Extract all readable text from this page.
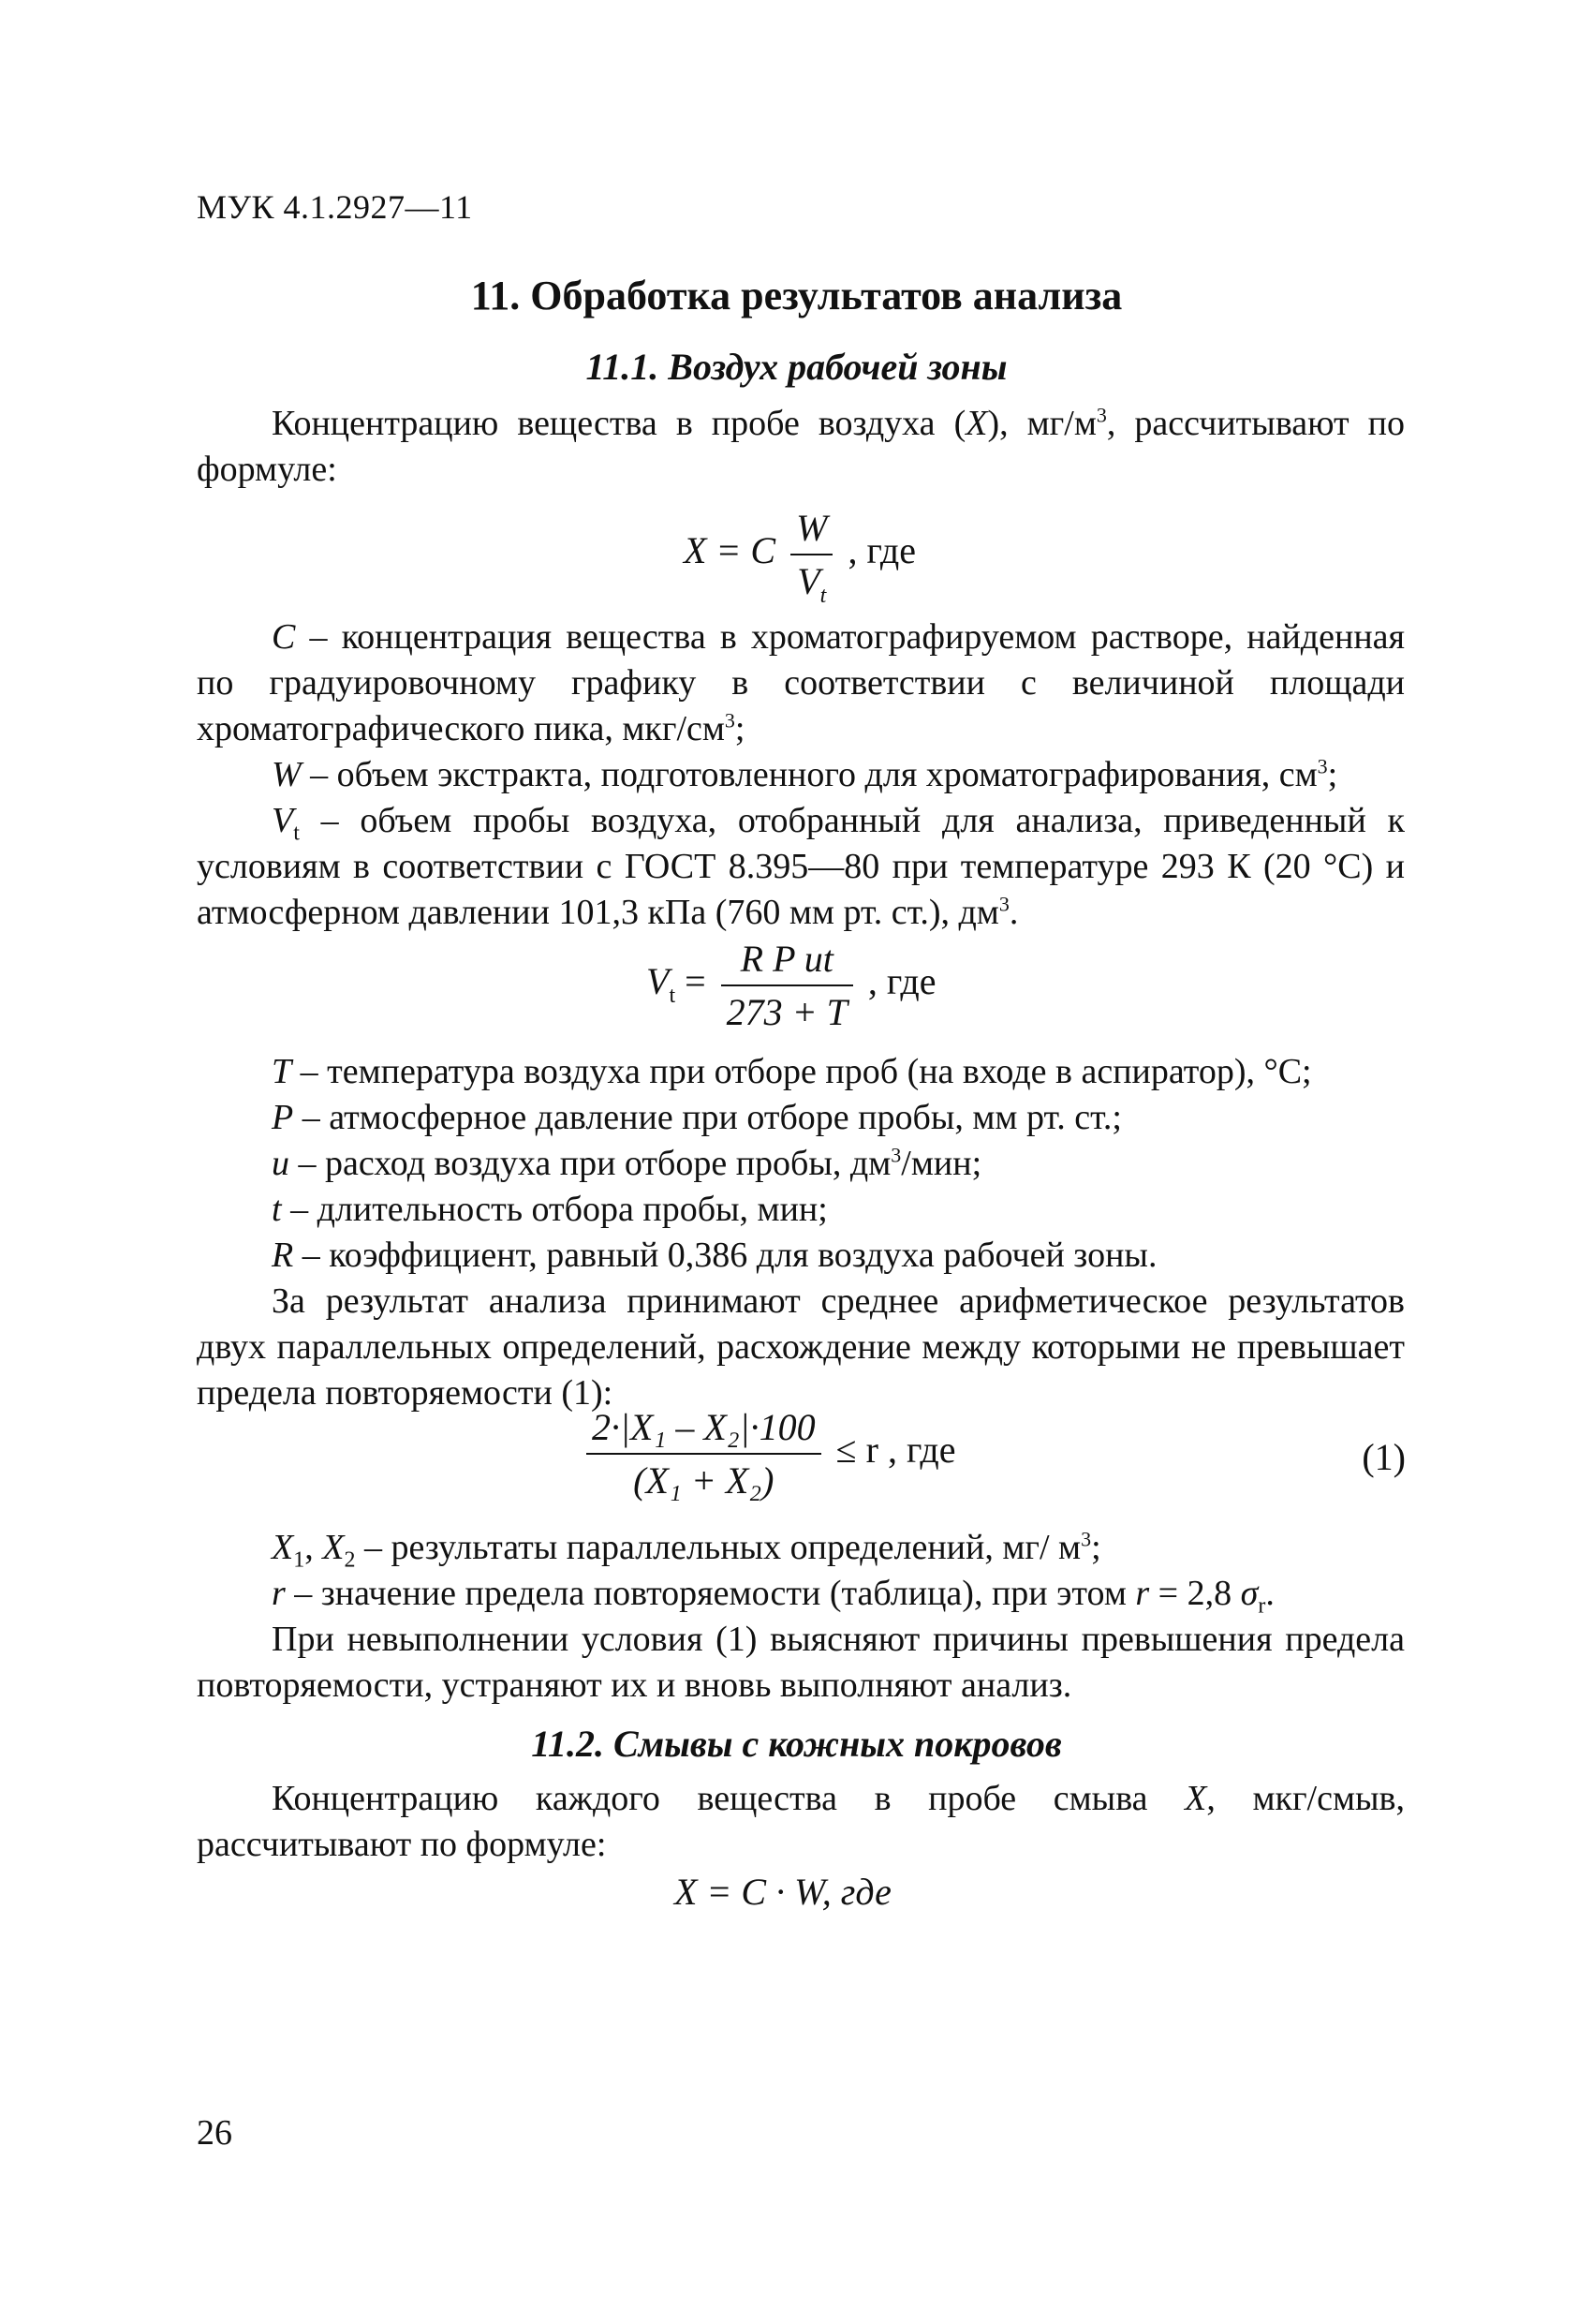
МУК 4.1.2927—11
11. Обработка результатов анализа
11.1. Воздух рабочей зоны
Концентрацию вещества в пробе воздуха (X), $мг/м^3$, рассчитывают по формуле:
X = C $\frac{W}{V_t}$ , где
C – концентрация вещества в хроматографируемом растворе, найденная по градуировочному графику в соответствии с величиной площади хроматографического пика, мкг/$см^3$;
W – объем экстракта, подготовленного для хроматографирования, $см^3$;
$V_t$ – объем пробы воздуха, отобранный для анализа, приведенный к условиям в соответствии с ГОСТ 8.395—80 при температуре 293 К (20 °С) и атмосферном давлении 101,3 кПа (760 мм рт. ст.), $дм^3$.
$V_t = \frac{\text{R P ut}}{273 + T}$ , где
T – температура воздуха при отборе проб (на входе в аспиратор), °С;
P – атмосферное давление при отборе пробы, мм рт. ст.;
u – расход воздуха при отборе пробы, $дм^3$/мин;
t – длительность отбора пробы, мин;
R – коэффициент, равный 0,386 для воздуха рабочей зоны.
За результат анализа принимают среднее арифметическое результатов двух параллельных определений, расхождение между которыми не превышает предела повторяемости (1):
$\frac{\text{2·|X₁ – X₂|·100}}{\text{(X₁ + X₂)}} \le r$ , где	(1)
$X_1$, $X_2$ – результаты параллельных определений, мг/ $м^3$;
r – значение предела повторяемости (таблица), при этом r = 2,8 $\sigma_r$.
При невыполнении условия (1) выясняют причины превышения предела повторяемости, устраняют их и вновь выполняют анализ.
11.2. Смывы с кожных покровов
Концентрацию каждого вещества в пробе смыва X, мкг/смыв, рассчитывают по формуле:
X = C · W, где
26
